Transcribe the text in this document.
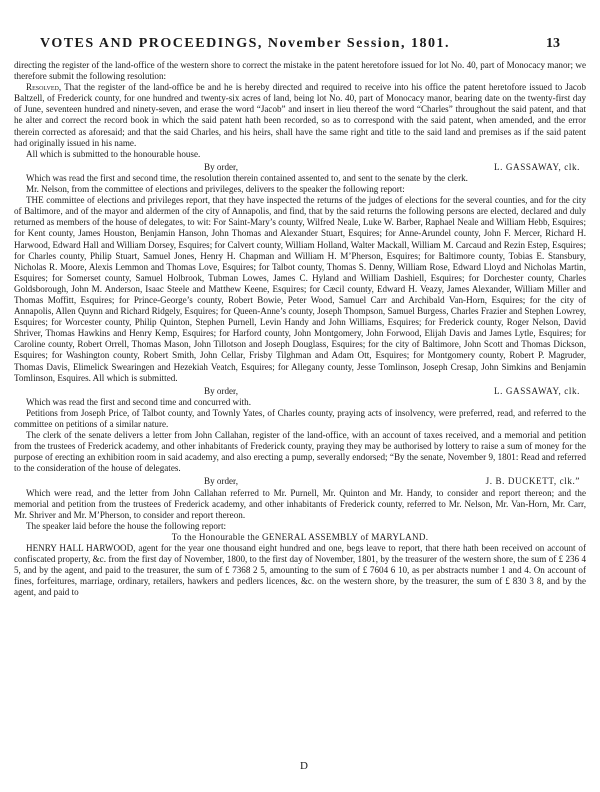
VOTES AND PROCEEDINGS, November Session, 1801.	13

directing the register of the land-office of the western shore to correct the mistake in the patent heretofore issued for lot No. 40, part of Monocacy manor; we therefore submit the following resolution:

Resolved, That the register of the land-office be and he is hereby directed and required to receive into his office the patent heretofore issued to Jacob Baltzell, of Frederick county, for one hundred and twenty-six acres of land, being lot No. 40, part of Monocacy manor, bearing date on the twenty-first day of June, seventeen hundred and ninety-seven, and erase the word “Jacob” and insert in lieu thereof the word “Charles” throughout the said patent, and that he alter and correct the record book in which the said patent hath been recorded, so as to correspond with the said patent, when amended, and the error therein corrected as aforesaid; and that the said Charles, and his heirs, shall have the same right and title to the said land and premises as if the said patent had originally issued in his name.

All which is submitted to the honourable house.

By order,	L. GASSAWAY, clk.

Which was read the first and second time, the resolution therein contained assented to, and sent to the senate by the clerk.

Mr. Nelson, from the committee of elections and privileges, delivers to the speaker the following report:

THE committee of elections and privileges report, that they have inspected the returns of the judges of elections for the several counties, and for the city of Baltimore, and of the mayor and aldermen of the city of Annapolis, and find, that by the said returns the following persons are elected, declared and duly returned as members of the house of delegates, to wit: For Saint-Mary’s county, Wilfred Neale, Luke W. Barber, Raphael Neale and William Hebb, Esquires; for Kent county, James Houston, Benjamin Hanson, John Thomas and Alexander Stuart, Esquires; for Anne-Arundel county, John F. Mercer, Richard H. Harwood, Edward Hall and William Dorsey, Esquires; for Calvert county, William Holland, Walter Mackall, William M. Carcaud and Rezin Estep, Esquires; for Charles county, Philip Stuart, Samuel Jones, Henry H. Chapman and William H. M’Pherson, Esquires; for Baltimore county, Tobias E. Stansbury, Nicholas R. Moore, Alexis Lemmon and Thomas Love, Esquires; for Talbot county, Thomas S. Denny, William Rose, Edward Lloyd and Nicholas Martin, Esquires; for Somerset county, Samuel Holbrook, Tubman Lowes, James C. Hyland and William Dashiell, Esquires; for Dorchester county, Charles Goldsborough, John M. Anderson, Isaac Steele and Matthew Keene, Esquires; for Cæcil county, Edward H. Veazy, James Alexander, William Miller and Thomas Moffitt, Esquires; for Prince-George’s county, Robert Bowie, Peter Wood, Samuel Carr and Archibald Van-Horn, Esquires; for the city of Annapolis, Allen Quynn and Richard Ridgely, Esquires; for Queen-Anne’s county, Joseph Thompson, Samuel Burgess, Charles Frazier and Stephen Lowrey, Esquires; for Worcester county, Philip Quinton, Stephen Purnell, Levin Handy and John Williams, Esquires; for Frederick county, Roger Nelson, David Shriver, Thomas Hawkins and Henry Kemp, Esquires; for Harford county, John Montgomery, John Forwood, Elijah Davis and James Lytle, Esquires; for Caroline county, Robert Orrell, Thomas Mason, John Tillotson and Joseph Douglass, Esquires; for the city of Baltimore, John Scott and Thomas Dickson, Esquires; for Washington county, Robert Smith, John Cellar, Frisby Tilghman and Adam Ott, Esquires; for Montgomery county, Robert P. Magruder, Thomas Davis, Elimelick Swearingen and Hezekiah Veatch, Esquires; for Allegany county, Jesse Tomlinson, Joseph Cresap, John Simkins and Benjamin Tomlinson, Esquires. All which is submitted.

By order,	L. GASSAWAY, clk.

Which was read the first and second time and concurred with.

Petitions from Joseph Price, of Talbot county, and Townly Yates, of Charles county, praying acts of insolvency, were preferred, read, and referred to the committee on petitions of a similar nature.

The clerk of the senate delivers a letter from John Callahan, register of the land-office, with an account of taxes received, and a memorial and petition from the trustees of Frederick academy, and other inhabitants of Frederick county, praying they may be authorised by lottery to raise a sum of money for the purpose of erecting an exhibition room in said academy, and also erecting a pump, severally endorsed; “By the senate, November 9, 1801: Read and referred to the consideration of the house of delegates.

By order,	J. B. DUCKETT, clk.”

Which were read, and the letter from John Callahan referred to Mr. Purnell, Mr. Quinton and Mr. Handy, to consider and report thereon; and the memorial and petition from the trustees of Frederick academy, and other inhabitants of Frederick county, referred to Mr. Nelson, Mr. Van-Horn, Mr. Carr, Mr. Shriver and Mr. M’Pherson, to consider and report thereon.

The speaker laid before the house the following report:

To the Honourable the GENERAL ASSEMBLY of MARYLAND.

HENRY HALL HARWOOD, agent for the year one thousand eight hundred and one, begs leave to report, that there hath been received on account of confiscated property, &c. from the first day of November, 1800, to the first day of November, 1801, by the treasurer of the western shore, the sum of £ 236 4 5, and by the agent, and paid to the treasurer, the sum of £ 7368 2 5, amounting to the sum of £ 7604 6 10, as per abstracts number 1 and 4. On account of fines, forfeitures, marriage, ordinary, retailers, hawkers and pedlers licences, &c. on the western shore, by the treasurer, the sum of £ 830 3 8, and by the agent, and paid to

D
